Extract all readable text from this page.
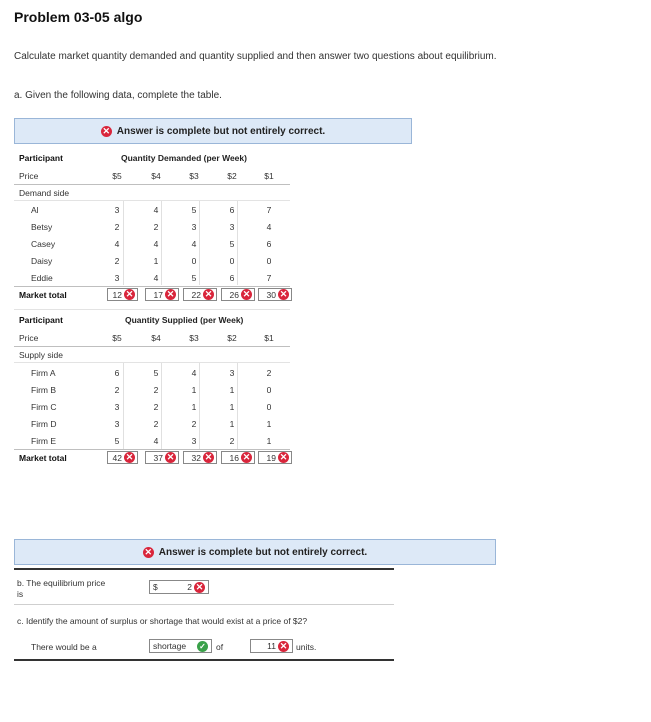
Problem 03-05 algo
Calculate market quantity demanded and quantity supplied and then answer two questions about equilibrium.
a. Given the following data, complete the table.
✕ Answer is complete but not entirely correct.
Participant	Quantity Demanded (per Week)
Price	$5	$4	$3	$2	$1
Demand side
Al	3	4	5	6	7
Betsy	2	2	3	3	4
Casey	4	4	4	5	6
Daisy	2	1	0	0	0
Eddie	3	4	5	6	7
Market total	12 ✕ 17 ✕ 22 ✕ 26 ✕ 30 ✕
Participant	Quantity Supplied (per Week)
Price	$5	$4	$3	$2	$1
Supply side
Firm A	6	5	4	3	2
Firm B	2	2	1	1	0
Firm C	3	2	1	1	0
Firm D	3	2	2	1	1
Firm E	5	4	3	2	1
Market total	42 ✕ 37 ✕ 32 ✕ 16 ✕ 19 ✕
✕ Answer is complete but not entirely correct.
b. The equilibrium price
is
$	2 ✕
c. Identify the amount of surplus or shortage that would exist at a price of $2?
There would be a	shortage ✓ of	11 ✕ units.
